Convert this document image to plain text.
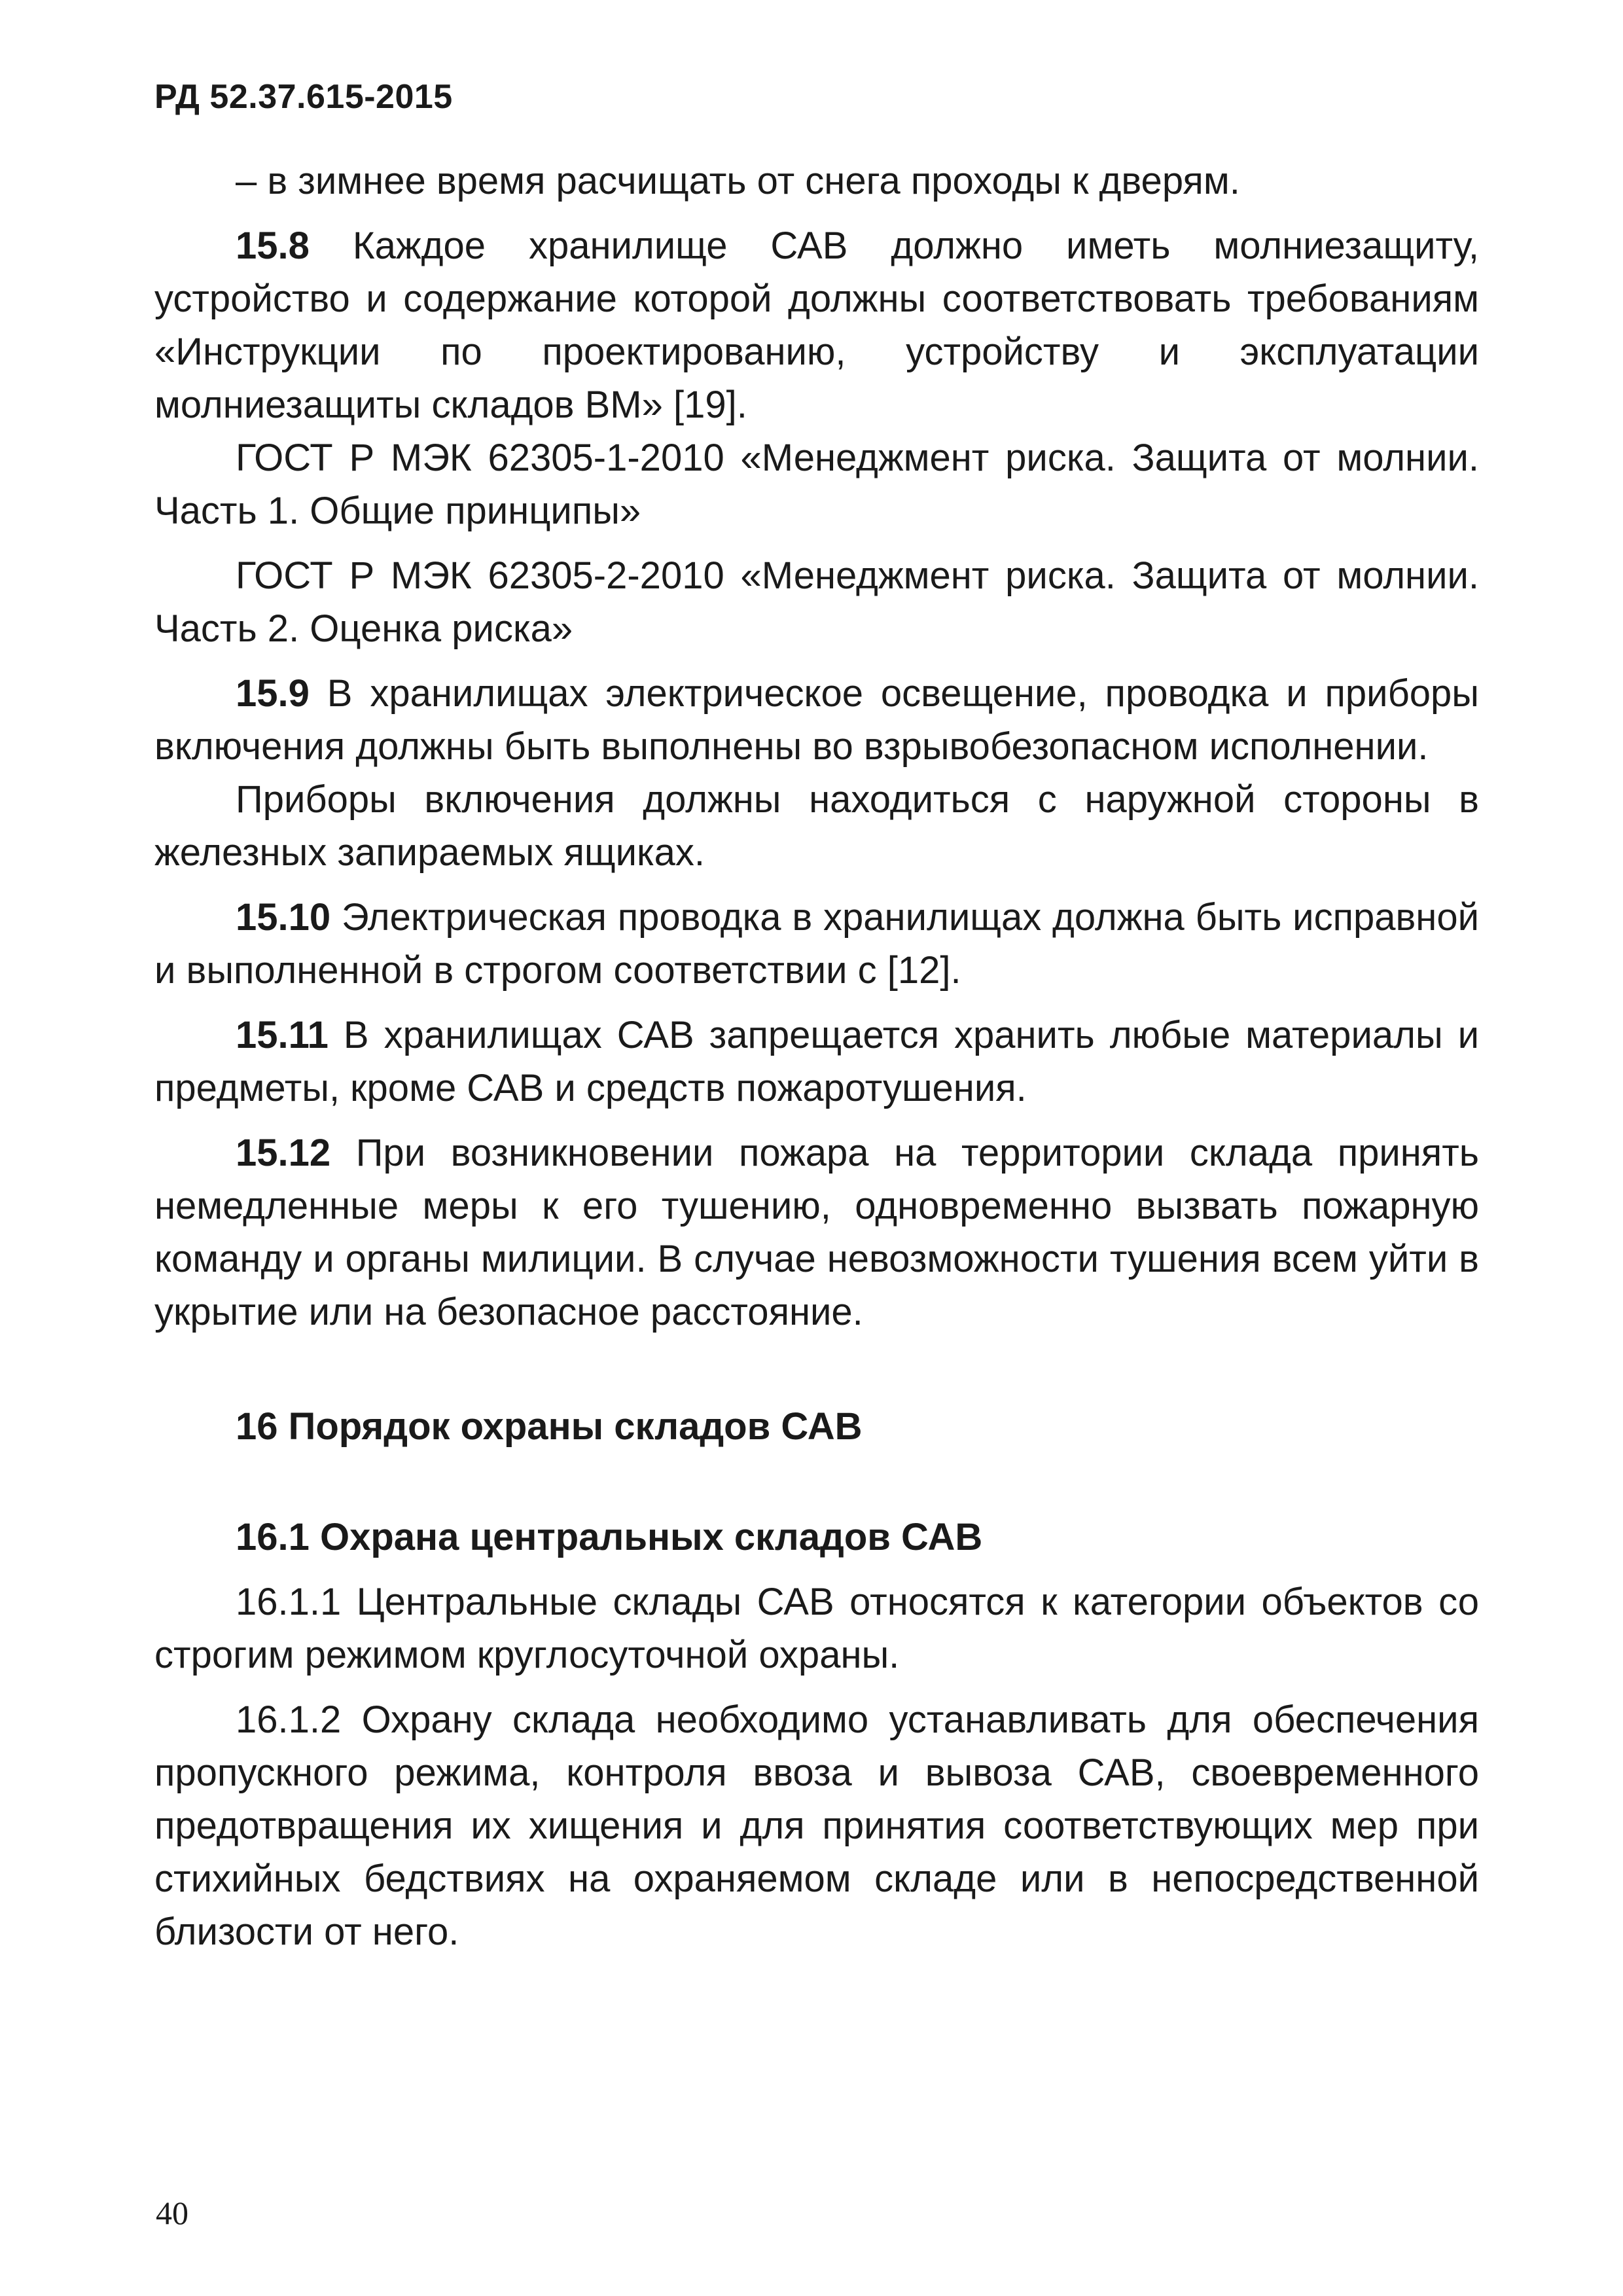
РД 52.37.615-2015

– в зимнее время расчищать от снега проходы к дверям.

15.8 Каждое хранилище САВ должно иметь молниезащиту, устройство и содержание которой должны соответствовать требованиям «Инструкции по проектированию, устройству и эксплуатации молниезащиты складов ВМ» [19].

ГОСТ Р МЭК 62305-1-2010 «Менеджмент риска. Защита от молнии. Часть 1. Общие принципы»

ГОСТ Р МЭК 62305-2-2010 «Менеджмент риска. Защита от молнии. Часть 2. Оценка риска»

15.9 В хранилищах электрическое освещение, проводка и приборы включения должны быть выполнены во взрывобезопасном исполнении.

Приборы включения должны находиться с наружной стороны в железных запираемых ящиках.

15.10 Электрическая проводка в хранилищах должна быть исправной и выполненной в строгом соответствии с [12].

15.11 В хранилищах САВ запрещается хранить любые материалы и предметы, кроме САВ и средств пожаротушения.

15.12 При возникновении пожара на территории склада принять немедленные меры к его тушению, одновременно вызвать пожарную команду и органы милиции. В случае невозможности тушения всем уйти в укрытие или на безопасное расстояние.

16 Порядок охраны складов САВ

16.1 Охрана центральных складов САВ

16.1.1 Центральные склады САВ относятся к категории объектов со строгим режимом круглосуточной охраны.

16.1.2 Охрану склада необходимо устанавливать для обеспечения пропускного режима, контроля ввоза и вывоза САВ, своевременного предотвращения их хищения и для принятия соответствующих мер при стихийных бедствиях на охраняемом складе или в непосредственной близости от него.

40
